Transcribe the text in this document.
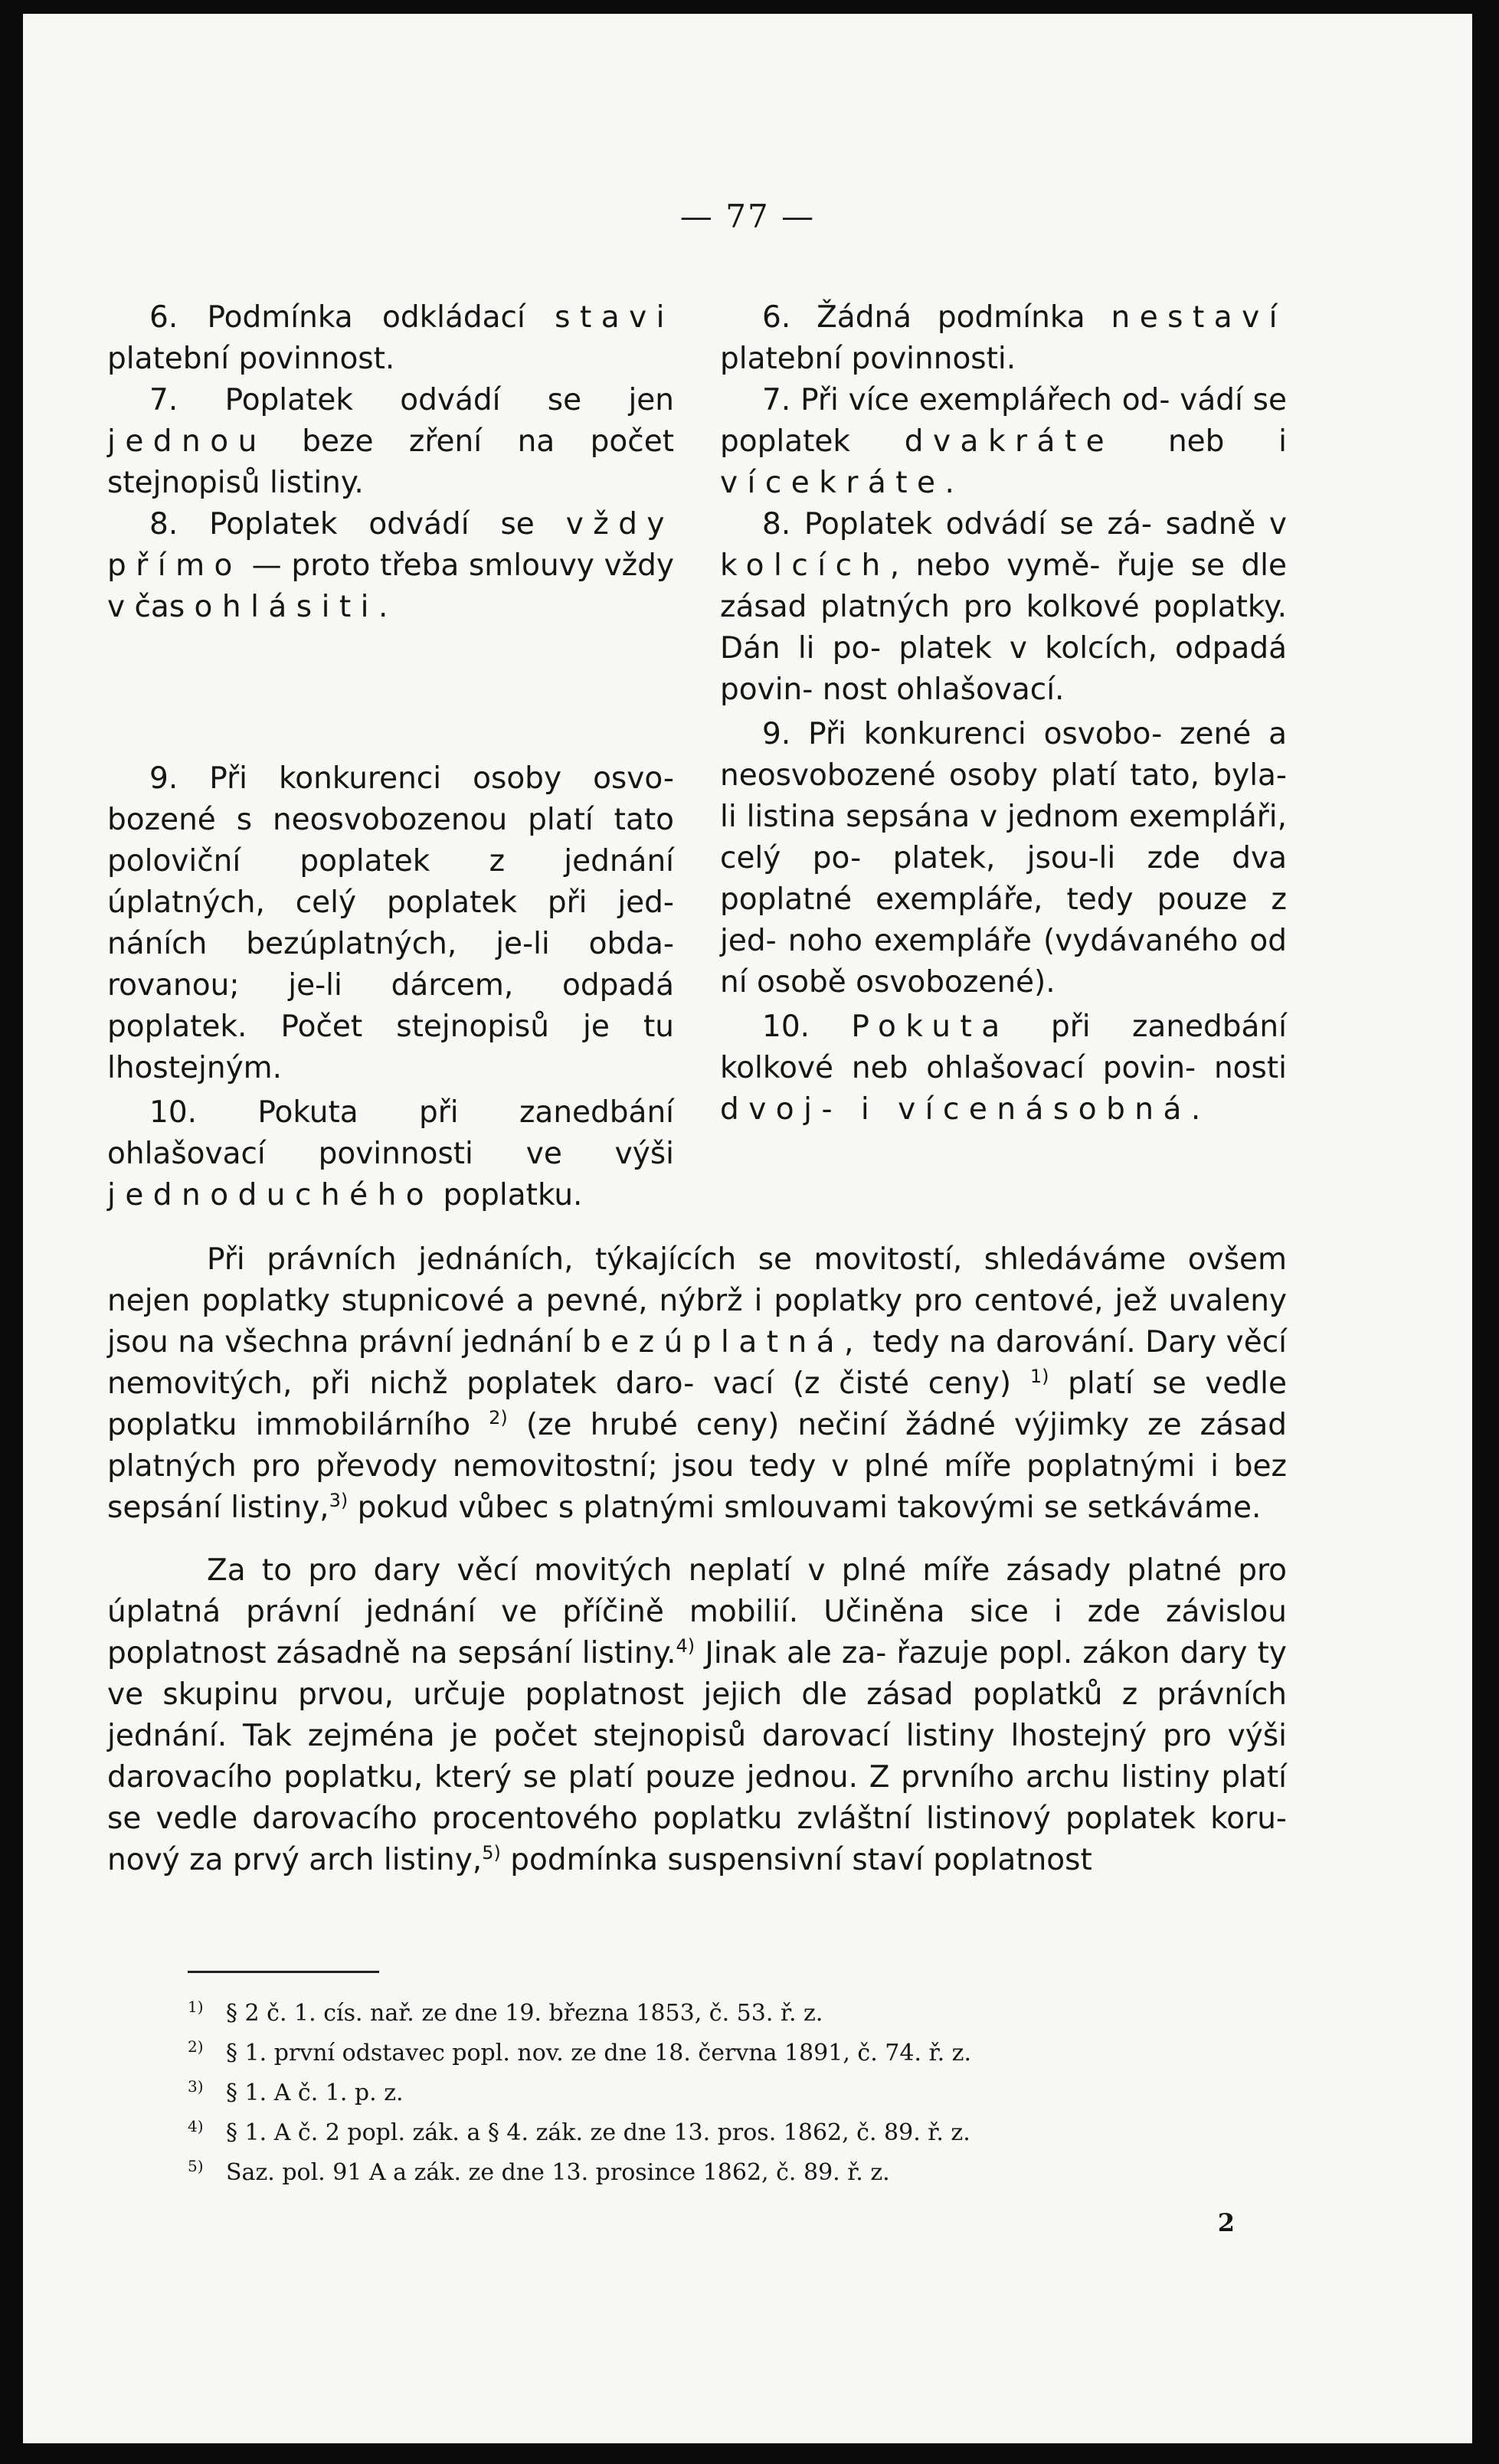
— 77 —

6. Podmínka odkládací stavi platební povinnost.

7. Poplatek odvádí se jen jednou beze zření na počet stejnopisů listiny.

8. Poplatek odvádí se vždy přímo — proto třeba smlouvy vždy v čas ohlásiti.

9. Při konkurenci osoby osvo- bozené s neosvobozenou platí tato poloviční poplatek z jednání úplatných, celý poplatek při jed- náních bezúplatných, je-li obda- rovanou; je-li dárcem, odpadá poplatek. Počet stejnopisů je tu lhostejným.

10. Pokuta při zanedbání ohlašovací povinnosti ve výši jednoduchého poplatku.

6. Žádná podmínka nestaví platební povinnosti.

7. Při více exemplářech od- vádí se poplatek dvakráte neb i vícekráte.

8. Poplatek odvádí se zá- sadně v kolcích, nebo vymě- řuje se dle zásad platných pro kolkové poplatky. Dán li po- platek v kolcích, odpadá povin- nost ohlašovací.

9. Při konkurenci osvobo- zené a neosvobozené osoby platí tato, byla-li listina sepsána v jednom exempláři, celý po- platek, jsou-li zde dva poplatné exempláře, tedy pouze z jed- noho exempláře (vydávaného od ní osobě osvobozené).

10. Pokuta při zanedbání kolkové neb ohlašovací povin- nosti dvoj- i vícenásobná.

Při právních jednáních, týkajících se movitostí, shledáváme ovšem nejen poplatky stupnicové a pevné, nýbrž i poplatky pro centové, jež uvaleny jsou na všechna právní jednání bezúplatná, tedy na darování. Dary věcí nemovitých, při nichž poplatek daro- vací (z čisté ceny) $^{1)}$ platí se vedle poplatku immobilárního $^{2)}$ (ze hrubé ceny) nečiní žádné výjimky ze zásad platných pro převody nemovitostní; jsou tedy v plné míře poplatnými i bez sepsání listiny,$^{3)}$ pokud vůbec s platnými smlouvami takovými se setkáváme.

Za to pro dary věcí movitých neplatí v plné míře zásady platné pro úplatná právní jednání ve příčině mobilií. Učiněna sice i zde závislou poplatnost zásadně na sepsání listiny.$^{4)}$ Jinak ale za- řazuje popl. zákon dary ty ve skupinu prvou, určuje poplatnost jejich dle zásad poplatků z právních jednání. Tak zejména je počet stejnopisů darovací listiny lhostejný pro výši darovacího poplatku, který se platí pouze jednou. Z prvního archu listiny platí se vedle darovacího procentového poplatku zvláštní listinový poplatek koru- nový za prvý arch listiny,$^{5)}$ podmínka suspensivní staví poplatnost

1) § 2 č. 1. cís. nař. ze dne 19. března 1853, č. 53. ř. z.
2) § 1. první odstavec popl. nov. ze dne 18. června 1891, č. 74. ř. z.
3) § 1. A č. 1. p. z.
4) § 1. A č. 2 popl. zák. a § 4. zák. ze dne 13. pros. 1862, č. 89. ř. z.
5) Saz. pol. 91 A a zák. ze dne 13. prosince 1862, č. 89. ř. z.
2
